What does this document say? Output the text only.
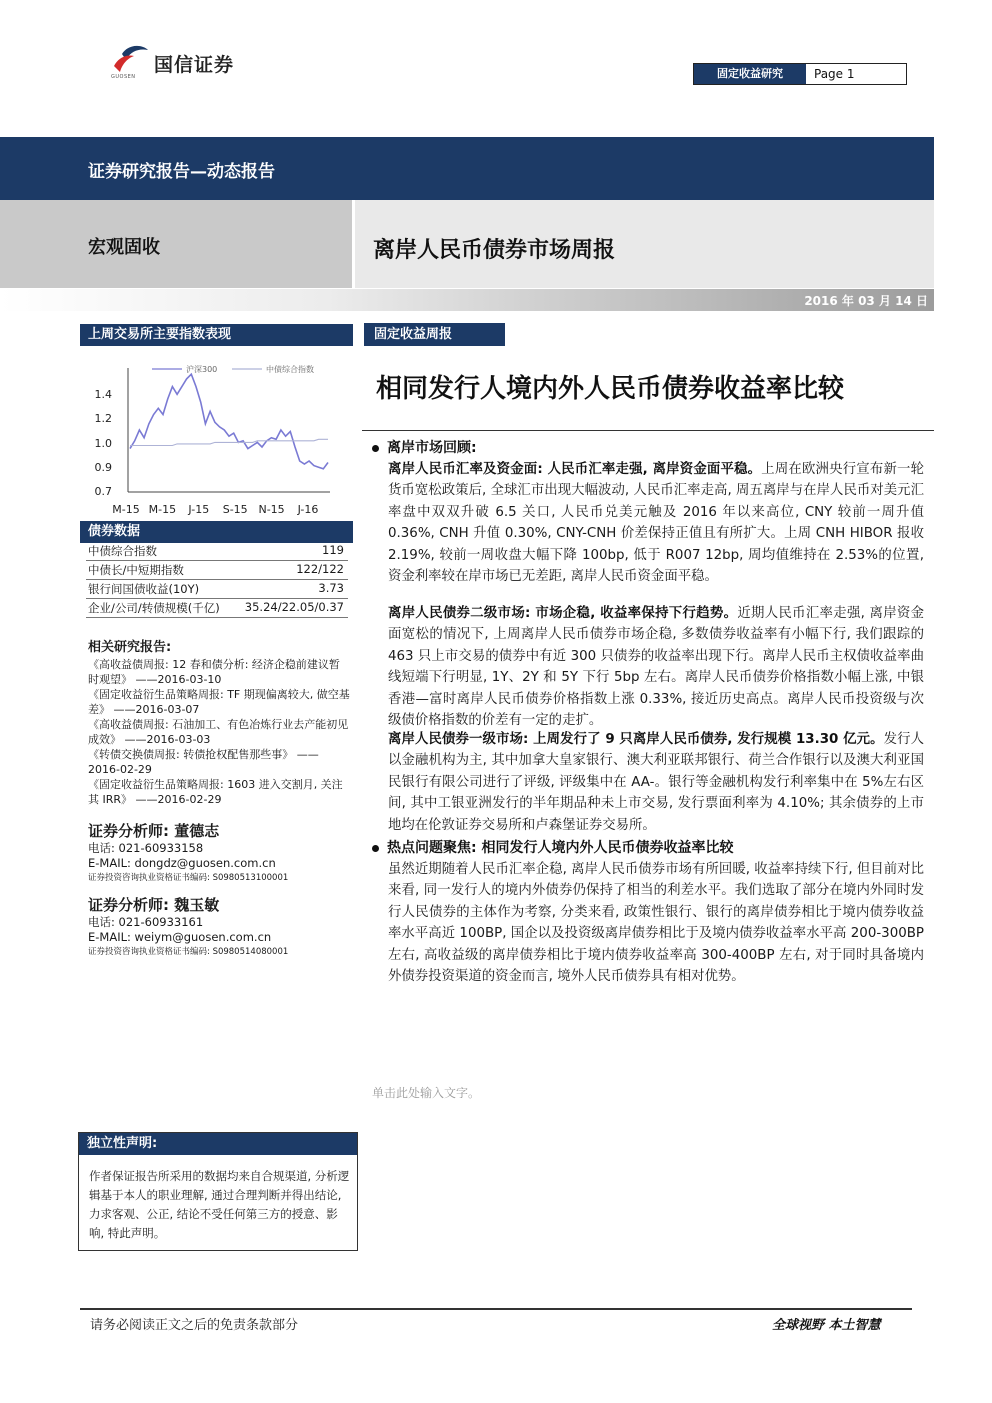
国信证券
GUOSEN	固定收益研究	Page 1
证券研究报告—动态报告
宏观固收	离岸人民币债券市场周报
2016 年 03 月 14 日
上周交易所主要指数表现
沪深300	中债综合指数
1.4
1.2
1.0
0.9
0.7
M-15 M-15 J-15 S-15 N-15 J-16
债券数据
中债综合指数	119
中债长/中短期指数	122/122
银行间国债收益(10Y)	3.73
企业/公司/转债规模(千亿) 35.24/22.05/0.37
相关研究报告:
《高收益债周报: 12 春和债分析: 经济企稳前建议暂时观望》 ——2016-03-10
《固定收益衍生品策略周报: TF 期现偏离较大, 做空基差》 ——2016-03-07
《高收益债周报: 石油加工、有色冶炼行业去产能初见成效》 ——2016-03-03
《转债交换债周报: 转债抢权配售那些事》 ——2016-02-29
《固定收益衍生品策略周报: 1603 进入交割月, 关注其 IRR》 ——2016-02-29
证券分析师: 董德志
电话: 021-60933158
E-MAIL: dongdz@guosen.com.cn
证券投资咨询执业资格证书编码: S0980513100001
证券分析师: 魏玉敏
电话: 021-60933161
E-MAIL: weiym@guosen.com.cn
证券投资咨询执业资格证书编码: S0980514080001
独立性声明:
作者保证报告所采用的数据均来自合规渠道, 分析逻辑基于本人的职业理解, 通过合理判断并得出结论, 力求客观、公正, 结论不受任何第三方的授意、影响, 特此声明。
固定收益周报
相同发行人境内外人民币债券收益率比较
离岸市场回顾:
离岸人民币汇率及资金面: 人民币汇率走强, 离岸资金面平稳。上周在欧洲央行宣布新一轮货币宽松政策后, 全球汇市出现大幅波动, 人民币汇率走高, 周五离岸与在岸人民币对美元汇率盘中双双升破 6.5 关口, 人民币兑美元触及 2016 年以来高位, CNY 较前一周升值 0.36%, CNH 升值 0.30%, CNY-CNH 价差保持正值且有所扩大。上周 CNH HIBOR 报收 2.19%, 较前一周收盘大幅下降 100bp, 低于 R007 12bp, 周均值维持在 2.53%的位置, 资金利率较在岸市场已无差距, 离岸人民币资金面平稳。
离岸人民债券二级市场: 市场企稳, 收益率保持下行趋势。近期人民币汇率走强, 离岸资金面宽松的情况下, 上周离岸人民币债券市场企稳, 多数债券收益率有小幅下行, 我们跟踪的 463 只上市交易的债券中有近 300 只债券的收益率出现下行。离岸人民币主权债收益率曲线短端下行明显, 1Y、2Y 和 5Y 下行 5bp 左右。离岸人民币债券价格指数小幅上涨, 中银香港—富时离岸人民币债券价格指数上涨 0.33%, 接近历史高点。离岸人民币投资级与次级债价格指数的价差有一定的走扩。
离岸人民债券一级市场: 上周发行了 9 只离岸人民币债券, 发行规模 13.30 亿元。发行人以金融机构为主, 其中加拿大皇家银行、澳大利亚联邦银行、荷兰合作银行以及澳大利亚国民银行有限公司进行了评级, 评级集中在 AA-。银行等金融机构发行利率集中在 5%左右区间, 其中工银亚洲发行的半年期品种未上市交易, 发行票面利率为 4.10%; 其余债券的上市地均在伦敦证券交易所和卢森堡证券交易所。
热点问题聚焦: 相同发行人境内外人民币债券收益率比较
虽然近期随着人民币汇率企稳, 离岸人民币债券市场有所回暖, 收益率持续下行, 但目前对比来看, 同一发行人的境内外债券仍保持了相当的利差水平。我们选取了部分在境内外同时发行人民债券的主体作为考察, 分类来看, 政策性银行、银行的离岸债券相比于境内债券收益率水平高近 100BP, 国企以及投资级离岸债券相比于及境内债券收益率水平高 200-300BP 左右, 高收益级的离岸债券相比于境内债券收益率高 300-400BP 左右, 对于同时具备境内外债券投资渠道的资金而言, 境外人民币债券具有相对优势。
单击此处输入文字。
请务必阅读正文之后的免责条款部分	全球视野 本土智慧
